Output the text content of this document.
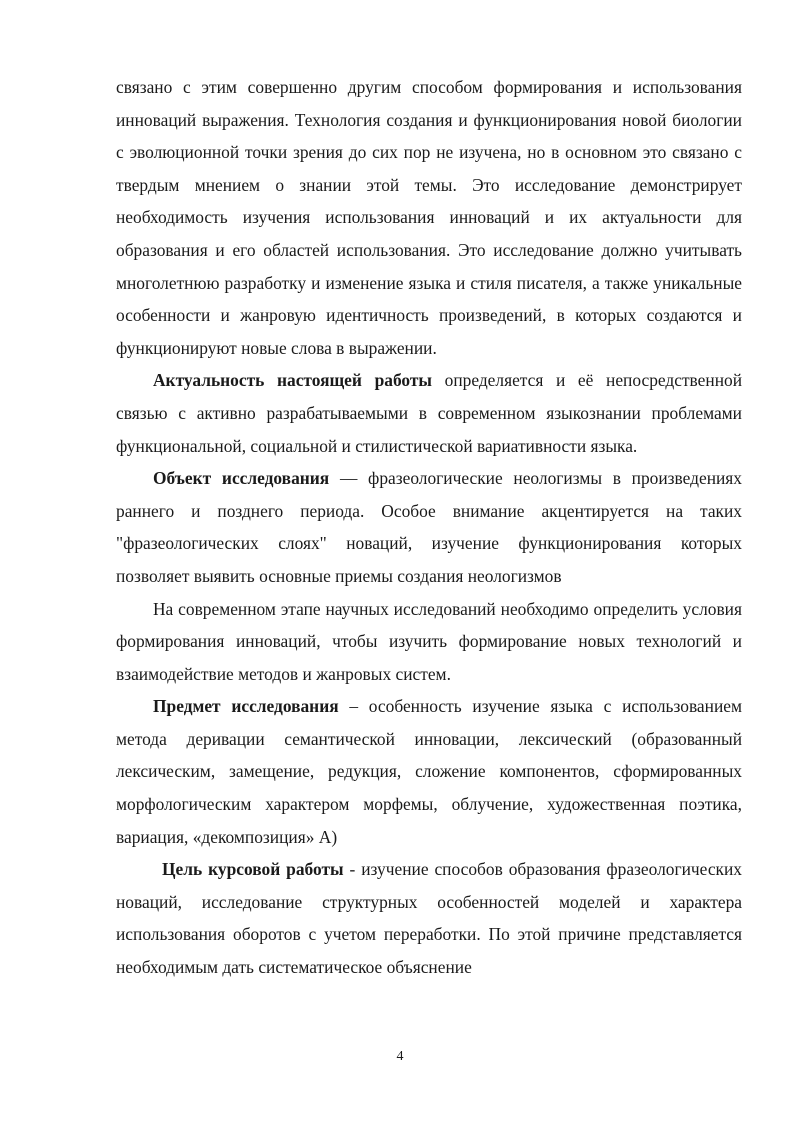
связано с этим совершенно другим способом формирования и использования инноваций выражения. Технология создания и функционирования новой биологии с эволюционной точки зрения до сих пор не изучена, но в основном это связано с твердым мнением о знании этой темы. Это исследование демонстрирует необходимость изучения использования инноваций и их актуальности для образования и его областей использования. Это исследование должно учитывать многолетнюю разработку и изменение языка и стиля писателя, а также уникальные особенности и жанровую идентичность произведений, в которых создаются и функционируют новые слова в выражении.

Актуальность настоящей работы определяется и её непосредственной связью с активно разрабатываемыми в современном языкознании проблемами функциональной, социальной и стилистической вариативности языка.

Объект исследования — фразеологические неологизмы в произведениях раннего и позднего периода. Особое внимание акцентируется на таких "фразеологических слоях" новаций, изучение функционирования которых позволяет выявить основные приемы создания неологизмов

На современном этапе научных исследований необходимо определить условия формирования инноваций, чтобы изучить формирование новых технологий и взаимодействие методов и жанровых систем.

Предмет исследования – особенность изучение языка с использованием метода деривации семантической инновации, лексический (образованный лексическим, замещение, редукция, сложение компонентов, сформированных морфологическим характером морфемы, облучение, художественная поэтика, вариация, «декомпозиция» А)

Цель курсовой работы - изучение способов образования фразеологических новаций, исследование структурных особенностей моделей и характера использования оборотов с учетом переработки. По этой причине представляется необходимым дать систематическое объяснение

4
